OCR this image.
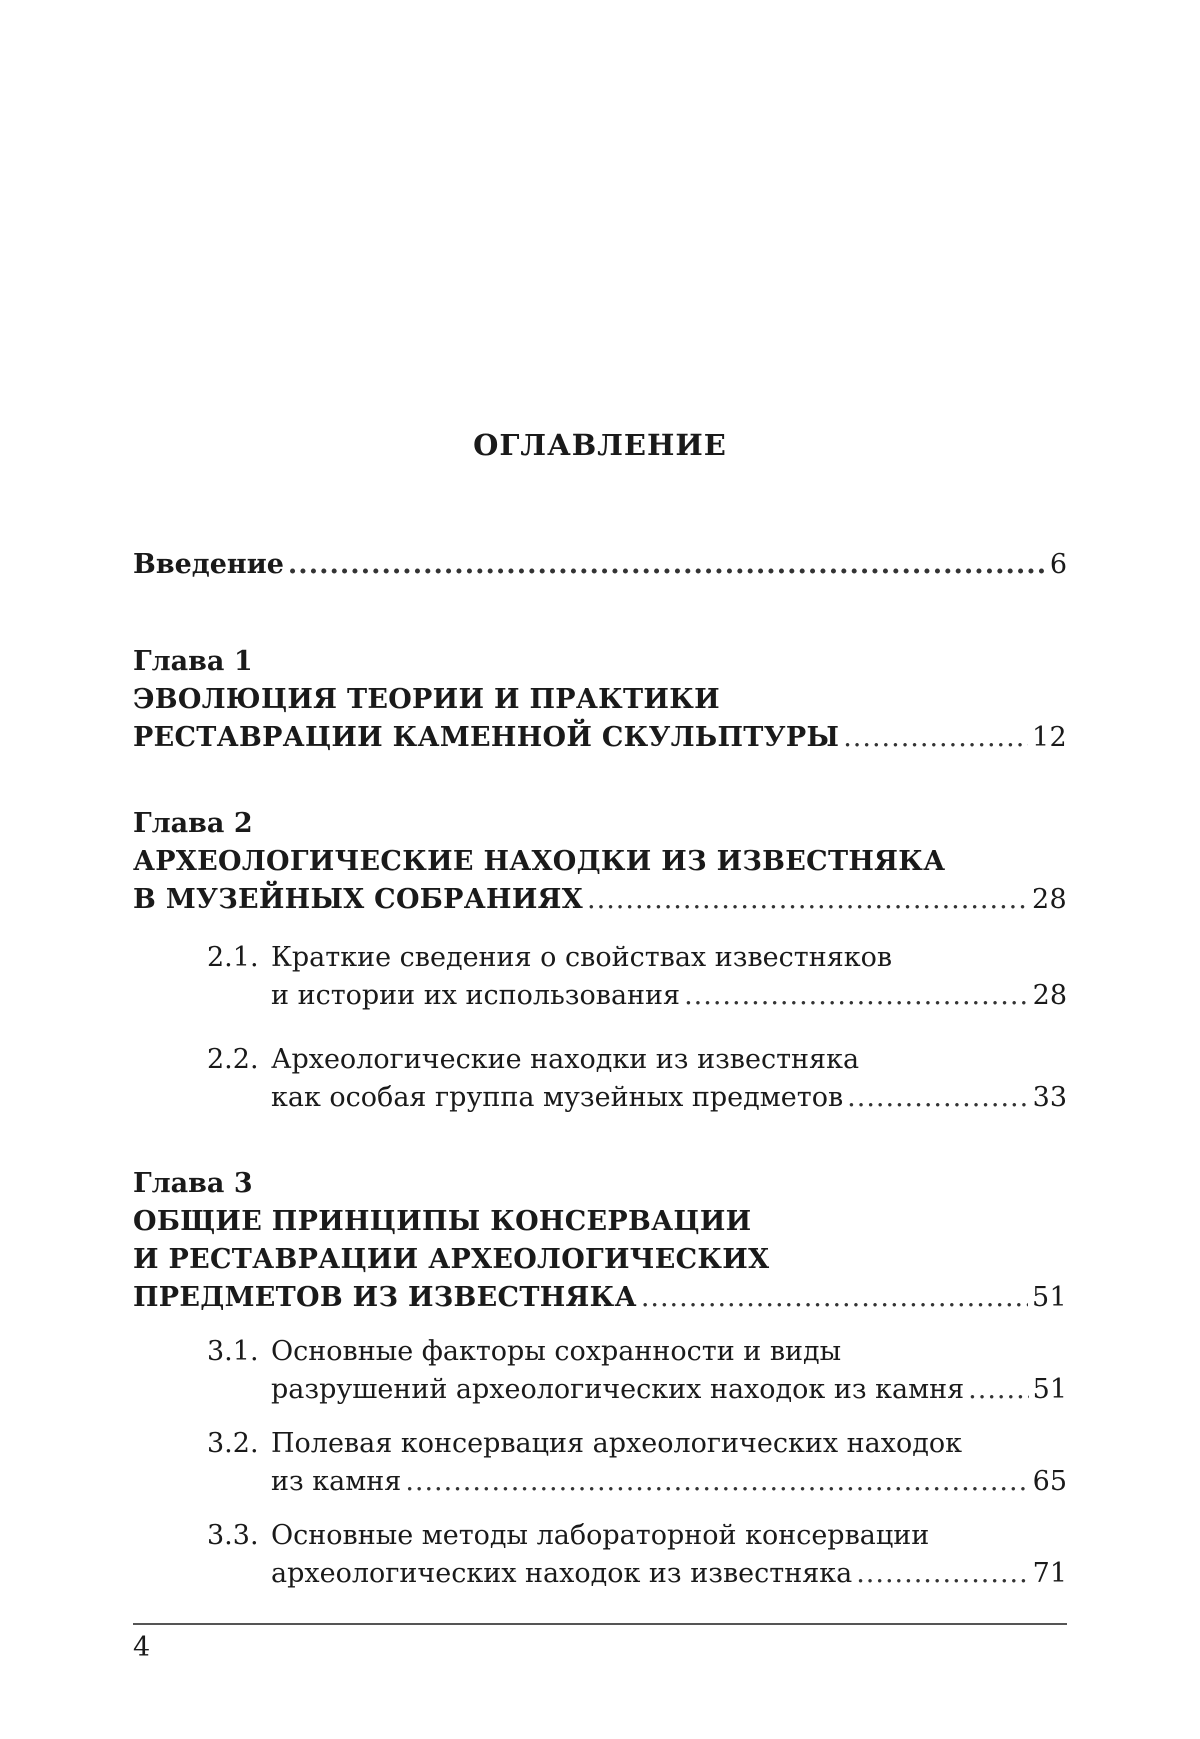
ОГЛАВЛЕНИЕ
Введение .....	6
Глава 1
ЭВОЛЮЦИЯ ТЕОРИИ И ПРАКТИКИ
РЕСТАВРАЦИИ КАМЕННОЙ СКУЛЬПТУРЫ .....	12
Глава 2
АРХЕОЛОГИЧЕСКИЕ НАХОДКИ ИЗ ИЗВЕСТНЯКА
В МУЗЕЙНЫХ СОБРАНИЯХ .....	28
2.1. Краткие сведения о свойствах известняков
и истории их использования .....	28
2.2. Археологические находки из известняка
как особая группа музейных предметов .....	33
Глава 3
ОБЩИЕ ПРИНЦИПЫ КОНСЕРВАЦИИ
И РЕСТАВРАЦИИ АРХЕОЛОГИЧЕСКИХ
ПРЕДМЕТОВ ИЗ ИЗВЕСТНЯКА .....	51
3.1. Основные факторы сохранности и виды
разрушений археологических находок из камня .....	51
3.2. Полевая консервация археологических находок
из камня .....	65
3.3. Основные методы лабораторной консервации
археологических находок из известняка .....	71
4
